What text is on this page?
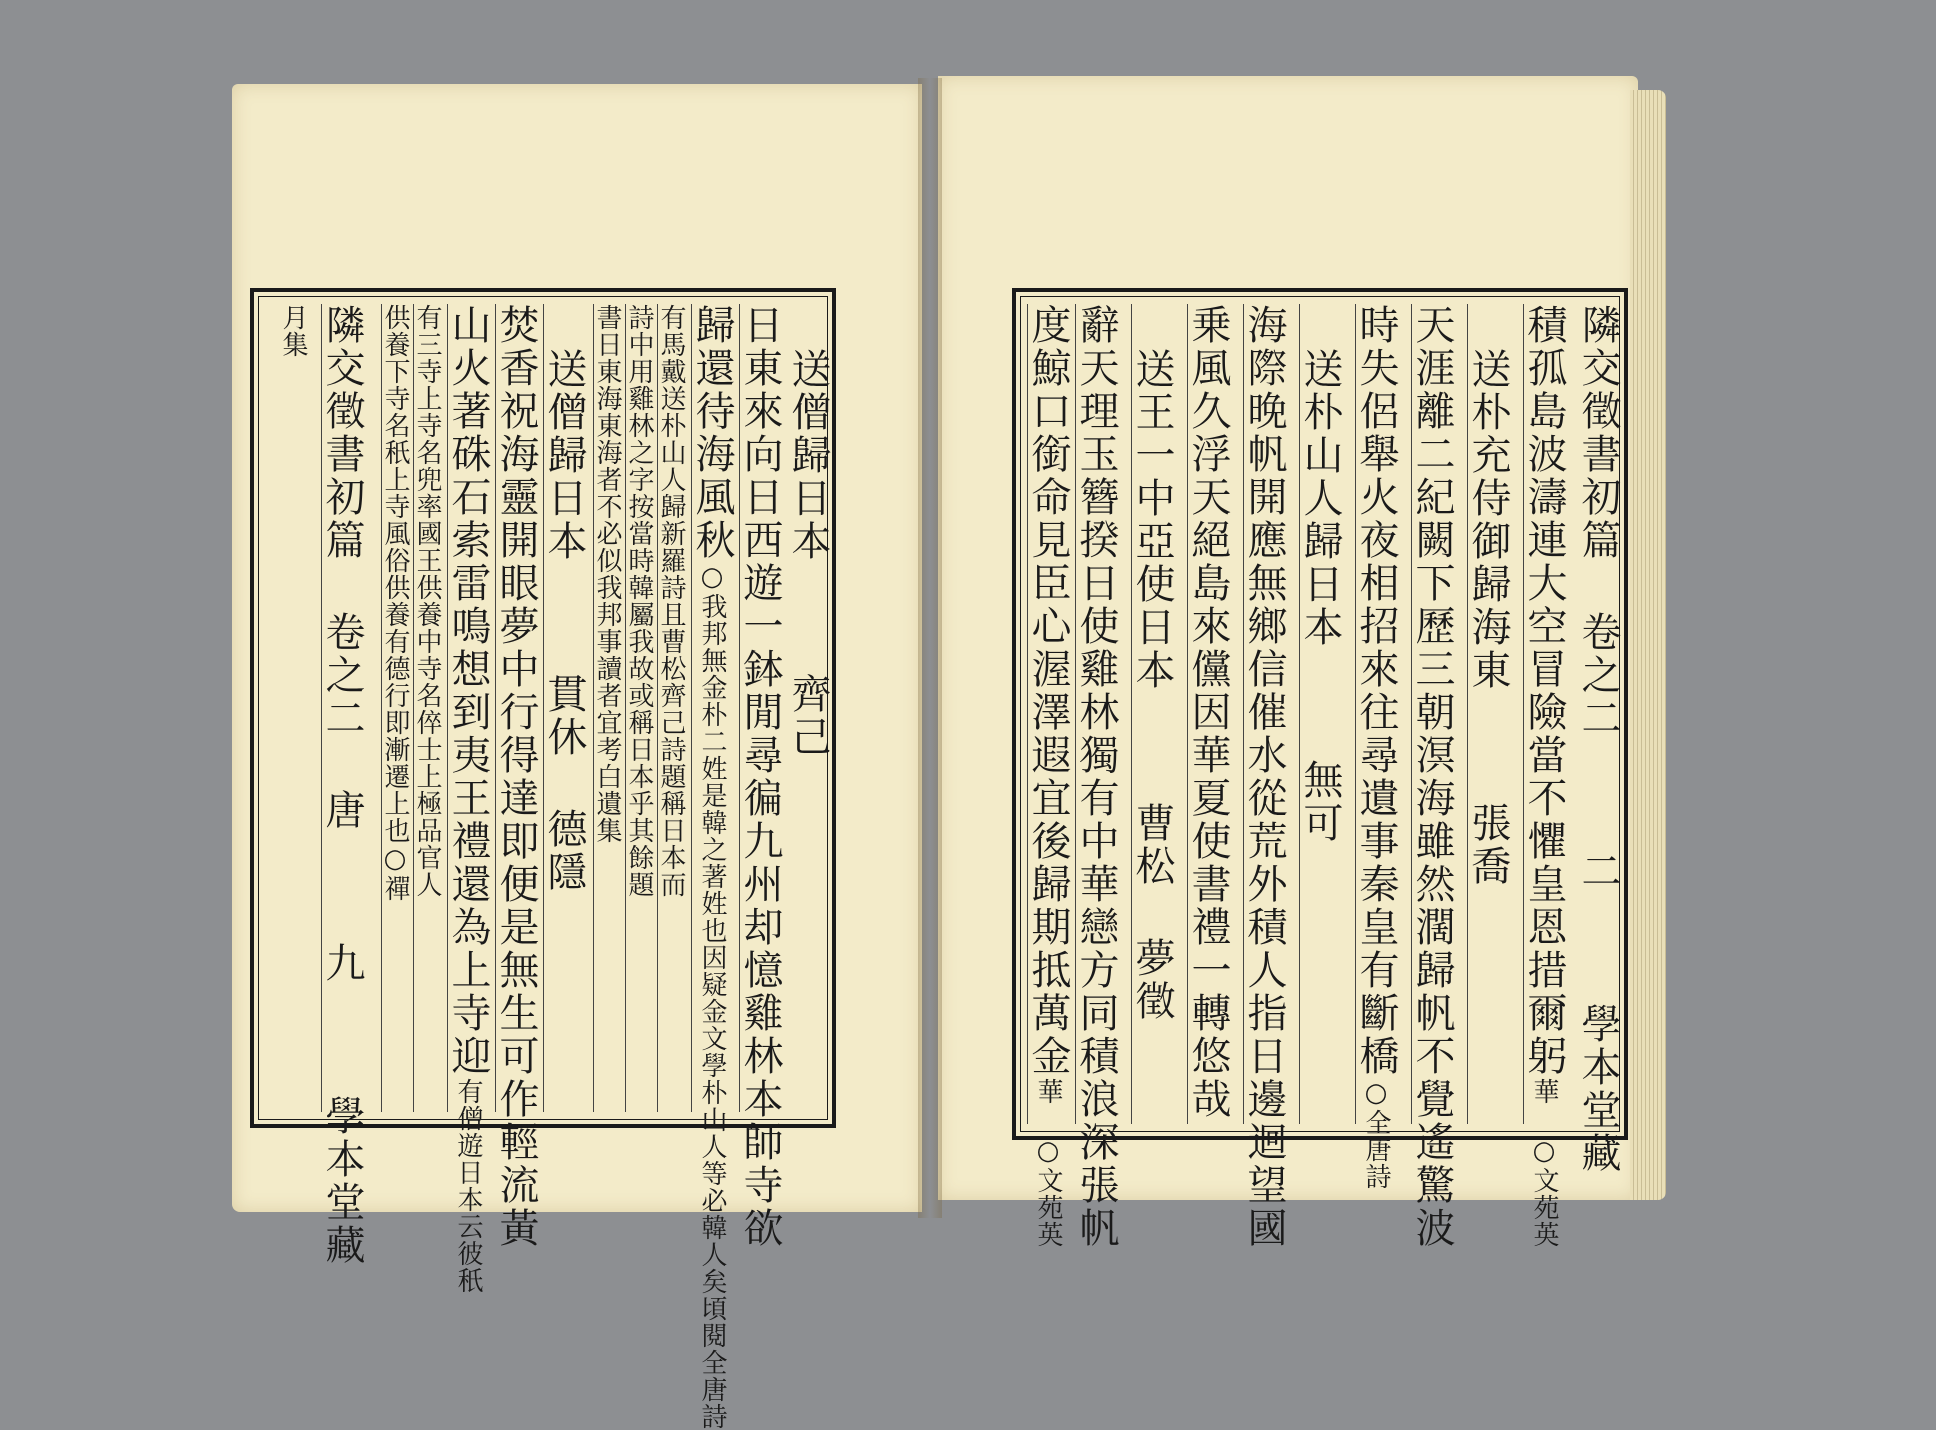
隣交徵書初篇 卷之二二學本堂藏
積孤島波濤連大空冒險當不懼皇恩措爾躬華 ○文苑英
送朴充侍御歸海東張喬
天涯離二紀闕下歷三朝溟海雖然濶歸帆不覺遙驚波
時失侶舉火夜相招來往尋遺事秦皇有斷橋○全唐詩
送朴山人歸日本無可
海際晚帆開應無鄉信催水從荒外積人指日邊迴望國
乗風久浮天絕島來儻因華夏使書禮一轉悠哉
送王一中亞使日本曹松 夢徵
辭天理玉簪揆日使雞林獨有中華戀方同積浪深張帆
度鯨口銜命見臣心渥澤遐宜後歸期抵萬金華 ○文苑英
送僧歸日本齊己
日東來向日西遊一鉢閒尋徧九州却憶雞林本師寺欲
歸還待海風秋○我邦無金朴二姓是韓之著姓也因疑金文學朴山人等必韓人矣頃閱全唐詩
有馬戴送朴山人歸新羅詩且曹松齊己詩題稱日本而
詩中用雞林之字按當時韓屬我故或稱日本乎其餘題
書日東海東海者不必似我邦事讀者宜考白遺集
送僧歸日本貫休 德隱
焚香祝海靈開眼夢中行得達即便是無生可作輕流黃
山火著硃石索雷鳴想到夷王禮還為上寺迎有僧遊日本云彼秖
有三寺上寺名兜率國王供養中寺名倅士上極品官人
供養下寺名秖上寺風俗供養有德行即漸遷上也○禪
隣交徵書初篇 卷之二 唐九學本堂藏
月集
